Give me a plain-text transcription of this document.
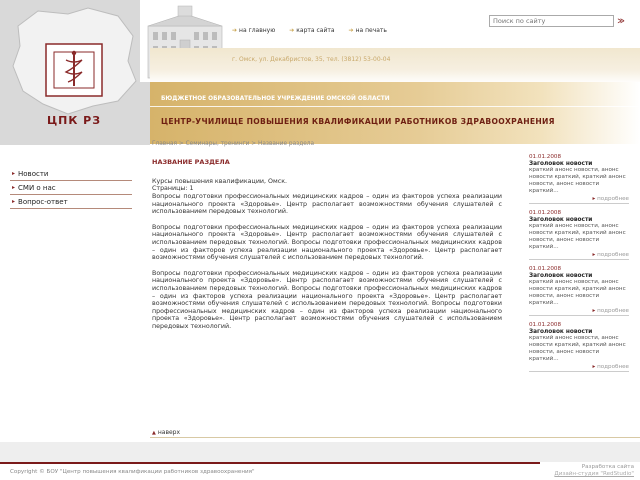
ЦПК РЗ
➔ на главную ➔ карта сайта ➔ на печать
Поиск по сайту
≫
г. Омск, ул. Декабристов, 35, тел. (3812) 53-00-04
БЮДЖЕТНОЕ ОБРАЗОВАТЕЛЬНОЕ УЧРЕЖДЕНИЕ ОМСКОЙ ОБЛАСТИ
ЦЕНТР-УЧИЛИЩЕ ПОВЫШЕНИЯ КВАЛИФИКАЦИИ РАБОТНИКОВ ЗДРАВООХРАНЕНИЯ
▸ Новости
▸ СМИ о нас
▸ Вопрос-ответ
Главная > Семинары, тренинги > Название раздела
НАЗВАНИЕ РАЗДЕЛА

Курсы повышения квалификации, Омск.

Страницы: 1

Вопросы подготовки профессиональных медицинских кадров – один из факторов успеха реализации национального проекта «Здоровье». Центр располагает возможностями обучения слушателей с использованием передовых технологий.

Вопросы подготовки профессиональных медицинских кадров – один из факторов успеха реализации национального проекта «Здоровье». Центр располагает возможностями обучения слушателей с использованием передовых технологий. Вопросы подготовки профессиональных медицинских кадров – один из факторов успеха реализации национального проекта «Здоровье». Центр располагает возможностями обучения слушателей с использованием передовых технологий.

Вопросы подготовки профессиональных медицинских кадров – один из факторов успеха реализации национального проекта «Здоровье». Центр располагает возможностями обучения слушателей с использованием передовых технологий. Вопросы подготовки профессиональных медицинских кадров – один из факторов успеха реализации национального проекта «Здоровье». Центр располагает возможностями обучения слушателей с использованием передовых технологий. Вопросы подготовки профессиональных медицинских кадров – один из факторов успеха реализации национального проекта «Здоровье». Центр располагает возможностями обучения слушателей с использованием передовых технологий.

▲ наверх
01.01.2008
Заголовок новости
краткий анонс новости, анонс новости краткий, краткий анонс новости, анонс новости краткий...
▸ подробнее
01.01.2008
Заголовок новости
краткий анонс новости, анонс новости краткий, краткий анонс новости, анонс новости краткий...
▸ подробнее
01.01.2008
Заголовок новости
краткий анонс новости, анонс новости краткий, краткий анонс новости, анонс новости краткий...
▸ подробнее
01.01.2008
Заголовок новости
краткий анонс новости, анонс новости краткий, краткий анонс новости, анонс новости краткий...
▸ подробнее
Copyright © БОУ "Центр повышения квалификации работников здравоохранения"
Разработка сайта
Дизайн-студия "RedStudio"
